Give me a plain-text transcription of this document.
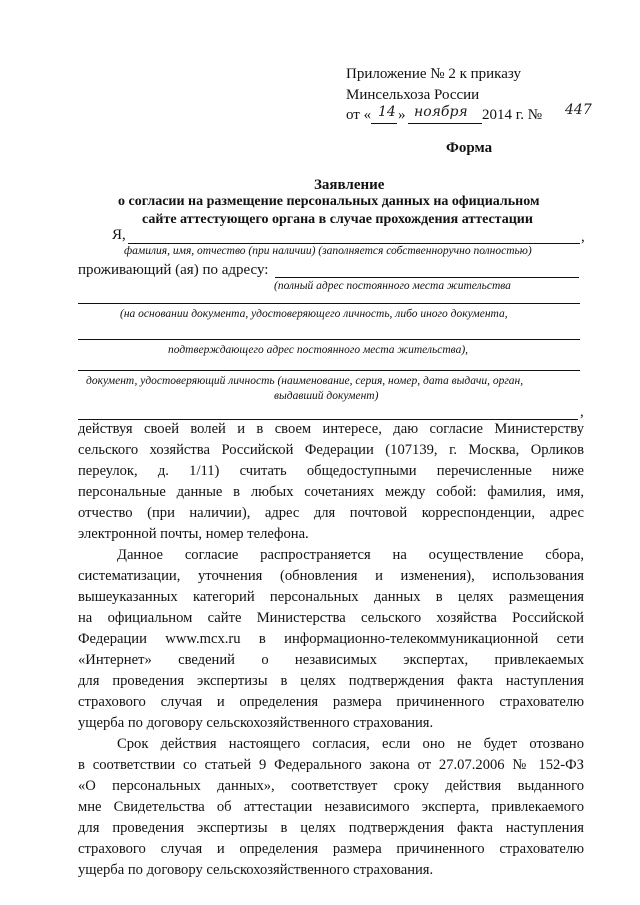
Приложение № 2 к приказу
Минсельхоза России
от « 14 » ноября 2014 г. № 447
Форма
Заявление
о согласии на размещение персональных данных на официальном
сайте аттестующего органа в случае прохождения аттестации
Я,	,
фамилия, имя, отчество (при наличии) (заполняется собственноручно полностью)
проживающий (ая) по адресу:
(полный адрес постоянного места жительства
(на основании документа, удостоверяющего личность, либо иного документа,
подтверждающего адрес постоянного места жительства),
документ, удостоверяющий личность (наименование, серия, номер, дата выдачи, орган,
выдавший документ)
,
действуя своей волей и в своем интересе, даю согласие Министерству
сельского хозяйства Российской Федерации (107139, г. Москва, Орликов
переулок, д. 1/11) считать общедоступными перечисленные ниже
персональные данные в любых сочетаниях между собой: фамилия, имя,
отчество (при наличии), адрес для почтовой корреспонденции, адрес
электронной почты, номер телефона.
Данное согласие распространяется на осуществление сбора,
систематизации, уточнения (обновления и изменения), использования
вышеуказанных категорий персональных данных в целях размещения
на официальном сайте Министерства сельского хозяйства Российской
Федерации www.mcx.ru в информационно-телекоммуникационной сети
«Интернет» сведений о независимых экспертах, привлекаемых
для проведения экспертизы в целях подтверждения факта наступления
страхового случая и определения размера причиненного страхователю
ущерба по договору сельскохозяйственного страхования.
Срок действия настоящего согласия, если оно не будет отозвано
в соответствии со статьей 9 Федерального закона от 27.07.2006 № 152-ФЗ
«О персональных данных», соответствует сроку действия выданного
мне Свидетельства об аттестации независимого эксперта, привлекаемого
для проведения экспертизы в целях подтверждения факта наступления
страхового случая и определения размера причиненного страхователю
ущерба по договору сельскохозяйственного страхования.
